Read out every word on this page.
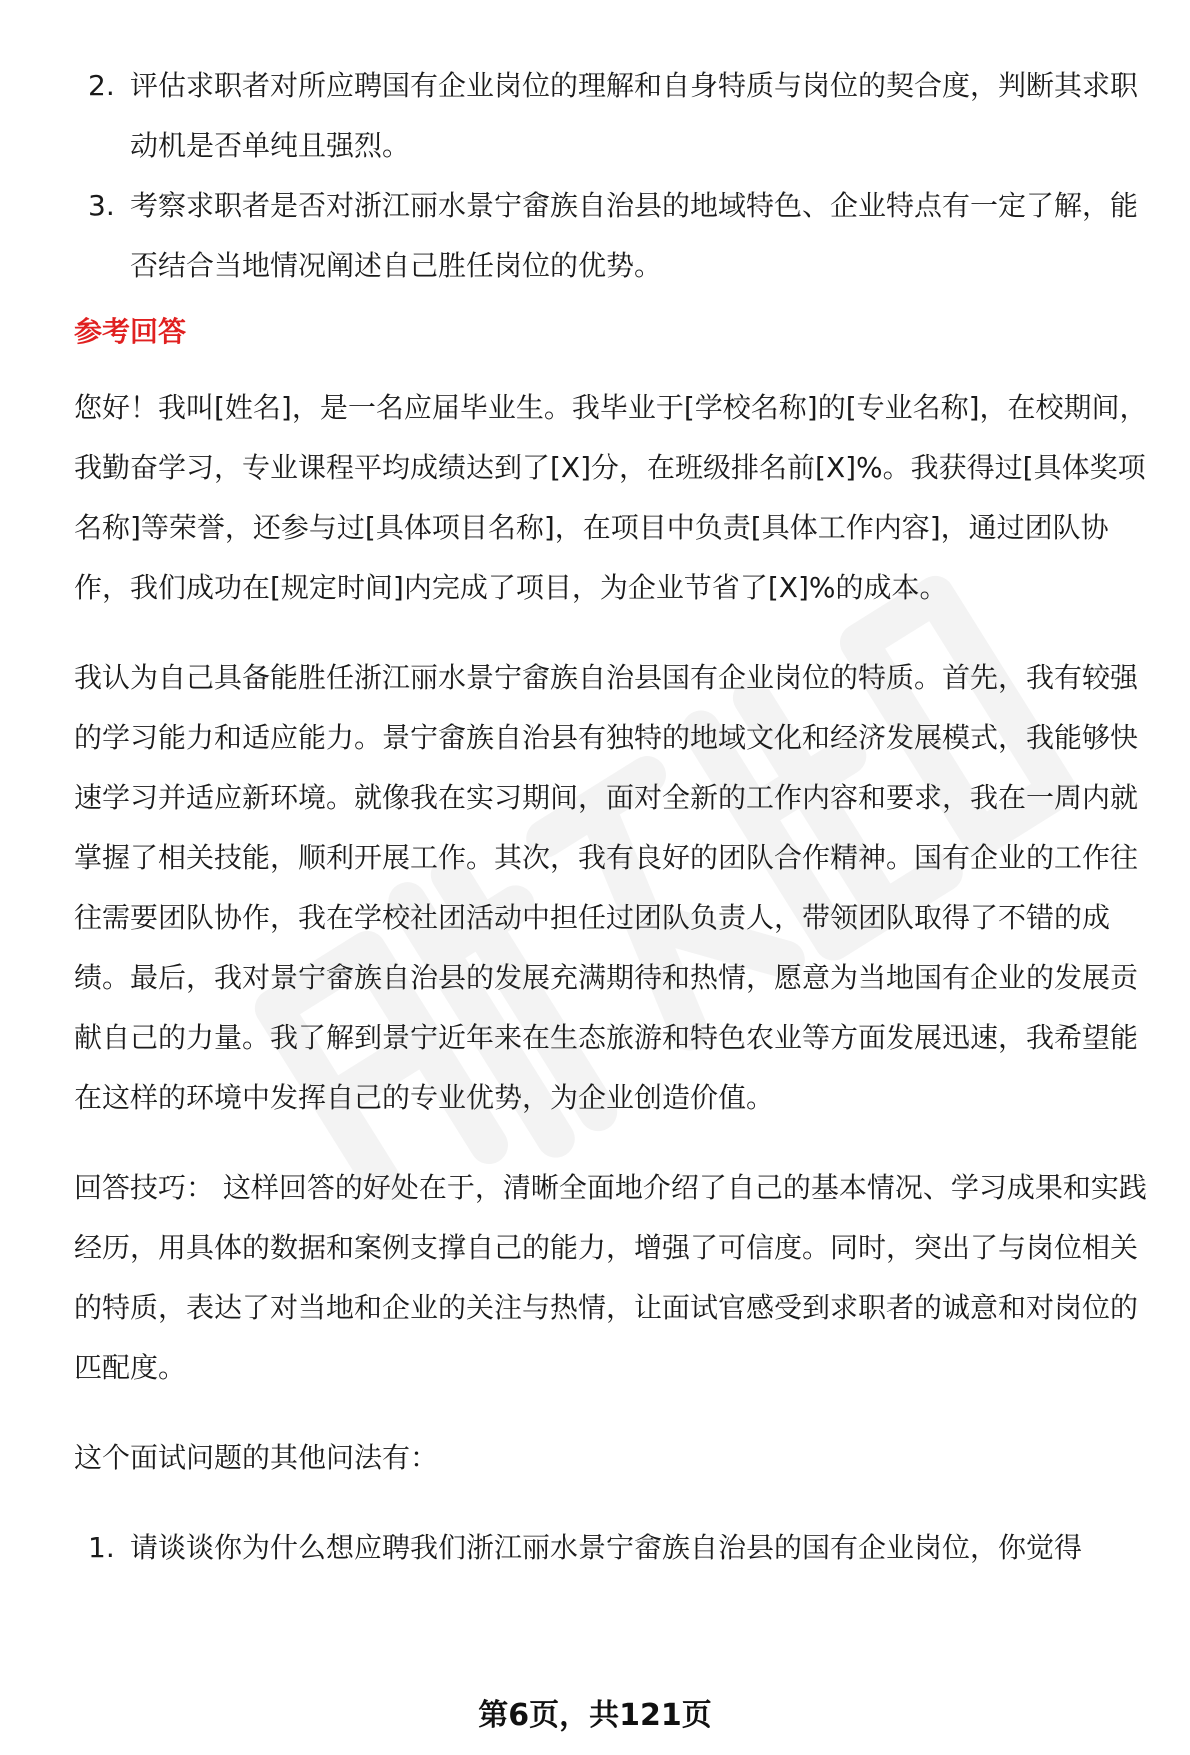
2. 评估求职者对所应聘国有企业岗位的理解和自身特质与岗位的契合度，判断其求职动机是否单纯且强烈。
3. 考察求职者是否对浙江丽水景宁畲族自治县的地域特色、企业特点有一定了解，能否结合当地情况阐述自己胜任岗位的优势。
参考回答

您好！我叫[姓名]，是一名应届毕业生。我毕业于[学校名称]的[专业名称]，在校期间，我勤奋学习，专业课程平均成绩达到了[X]分，在班级排名前[X]%。我获得过[具体奖项名称]等荣誉，还参与过[具体项目名称]，在项目中负责[具体工作内容]，通过团队协作，我们成功在[规定时间]内完成了项目，为企业节省了[X]%的成本。

我认为自己具备能胜任浙江丽水景宁畲族自治县国有企业岗位的特质。首先，我有较强的学习能力和适应能力。景宁畲族自治县有独特的地域文化和经济发展模式，我能够快速学习并适应新环境。就像我在实习期间，面对全新的工作内容和要求，我在一周内就掌握了相关技能，顺利开展工作。其次，我有良好的团队合作精神。国有企业的工作往往需要团队协作，我在学校社团活动中担任过团队负责人，带领团队取得了不错的成绩。最后，我对景宁畲族自治县的发展充满期待和热情，愿意为当地国有企业的发展贡献自己的力量。我了解到景宁近年来在生态旅游和特色农业等方面发展迅速，我希望能在这样的环境中发挥自己的专业优势，为企业创造价值。

回答技巧： 这样回答的好处在于，清晰全面地介绍了自己的基本情况、学习成果和实践经历，用具体的数据和案例支撑自己的能力，增强了可信度。同时，突出了与岗位相关的特质，表达了对当地和企业的关注与热情，让面试官感受到求职者的诚意和对岗位的匹配度。

这个面试问题的其他问法有：

1. 请谈谈你为什么想应聘我们浙江丽水景宁畲族自治县的国有企业岗位，你觉得
第6页，共121页
